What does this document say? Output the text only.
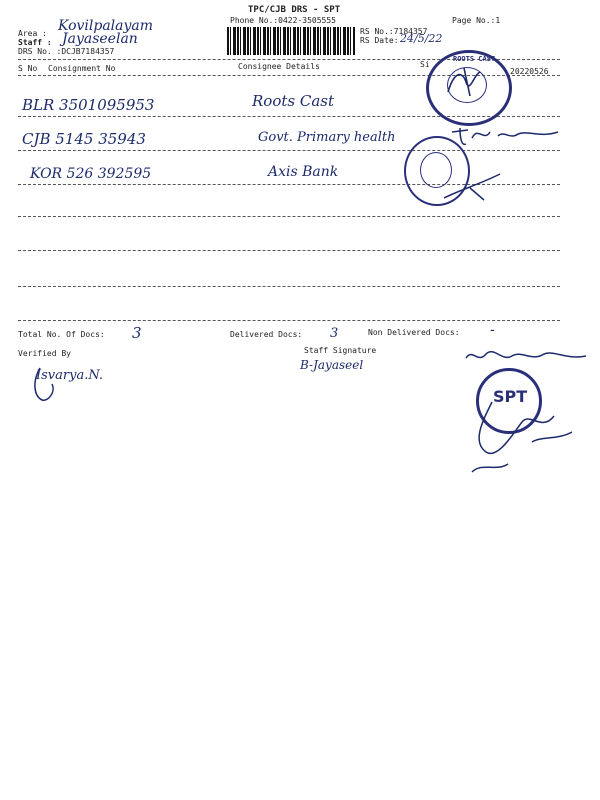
TPC/CJB DRS - SPT
Phone No.:0422-3505555
Area : Kovilpalayam
Staff : Jayaseelan
DRS No. :DCJB7184357
RS No.:7184357
RS Date: 24/5/22
Page No.:1
S No Consignment No	Consignee Details	Si
20220526
BLR 3501095953	Roots Cast
CJB 5145 35943	Govt. Primary health
KOR 526 392595	Axis Bank
ROOTS CAST
Total No. Of Docs: 3	Delivered Docs: 3	Non Delivered Docs: -
Verified By
Isvarya.N.
Staff Signature
B-Jayaseel
SPT
